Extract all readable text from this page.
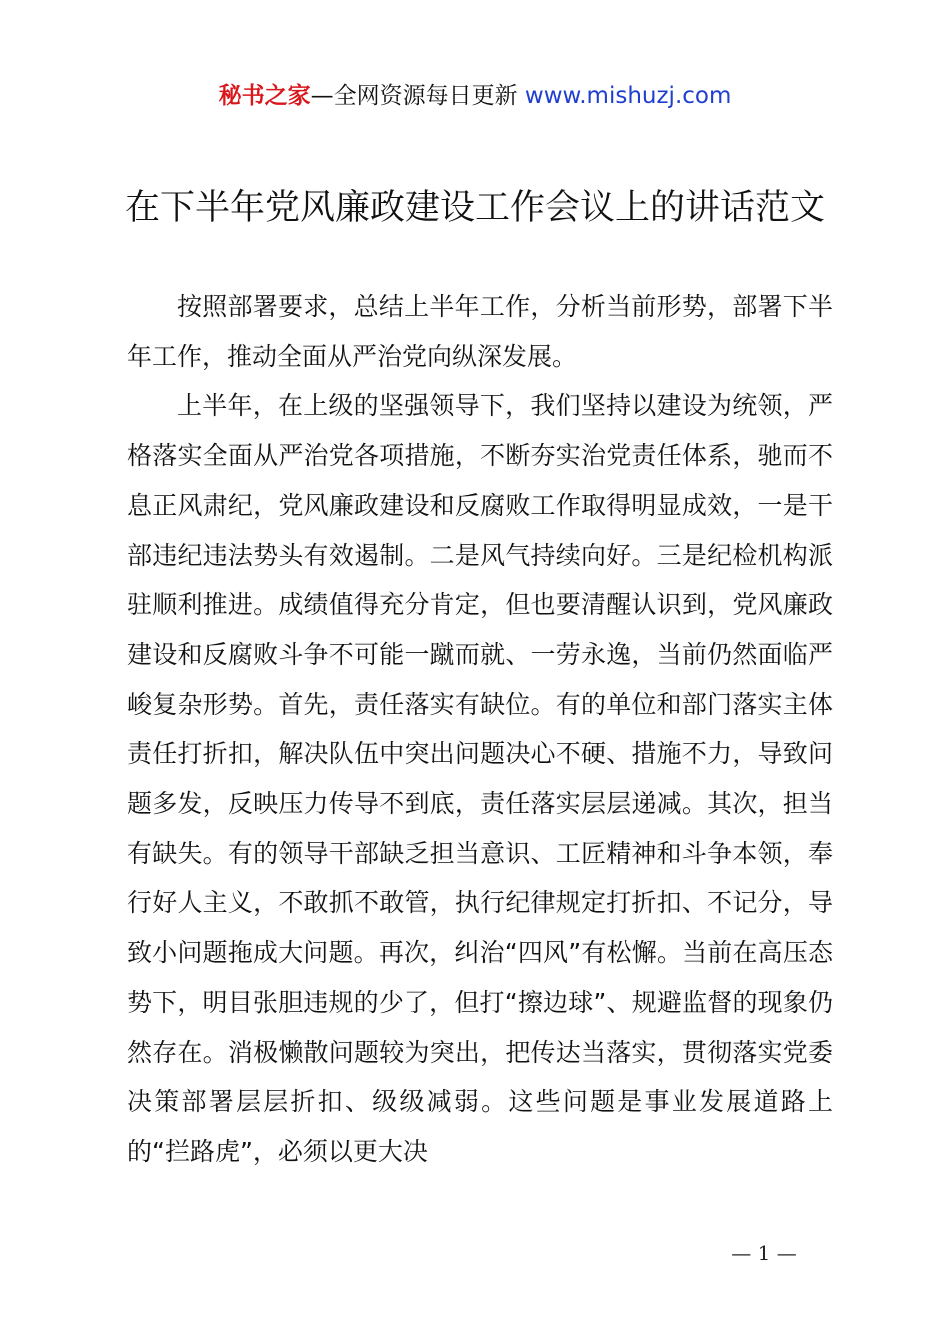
秘书之家—全网资源每日更新 www.mishuzj.com
在下半年党风廉政建设工作会议上的讲话范文

按照部署要求，总结上半年工作，分析当前形势，部署下半年工作，推动全面从严治党向纵深发展。

上半年，在上级的坚强领导下，我们坚持以建设为统领，严格落实全面从严治党各项措施，不断夯实治党责任体系，驰而不息正风肃纪，党风廉政建设和反腐败工作取得明显成效，一是干部违纪违法势头有效遏制。二是风气持续向好。三是纪检机构派驻顺利推进。成绩值得充分肯定，但也要清醒认识到，党风廉政建设和反腐败斗争不可能一蹴而就、一劳永逸，当前仍然面临严峻复杂形势。首先，责任落实有缺位。有的单位和部门落实主体责任打折扣，解决队伍中突出问题决心不硬、措施不力，导致问题多发，反映压力传导不到底，责任落实层层递减。其次，担当有缺失。有的领导干部缺乏担当意识、工匠精神和斗争本领，奉行好人主义，不敢抓不敢管，执行纪律规定打折扣、不记分，导致小问题拖成大问题。再次，纠治“四风”有松懈。当前在高压态势下，明目张胆违规的少了，但打“擦边球”、规避监督的现象仍然存在。消极懒散问题较为突出，把传达当落实，贯彻落实党委决策部署层层折扣、级级减弱。这些问题是事业发展道路上的“拦路虎”，必须以更大决

— 1 —
